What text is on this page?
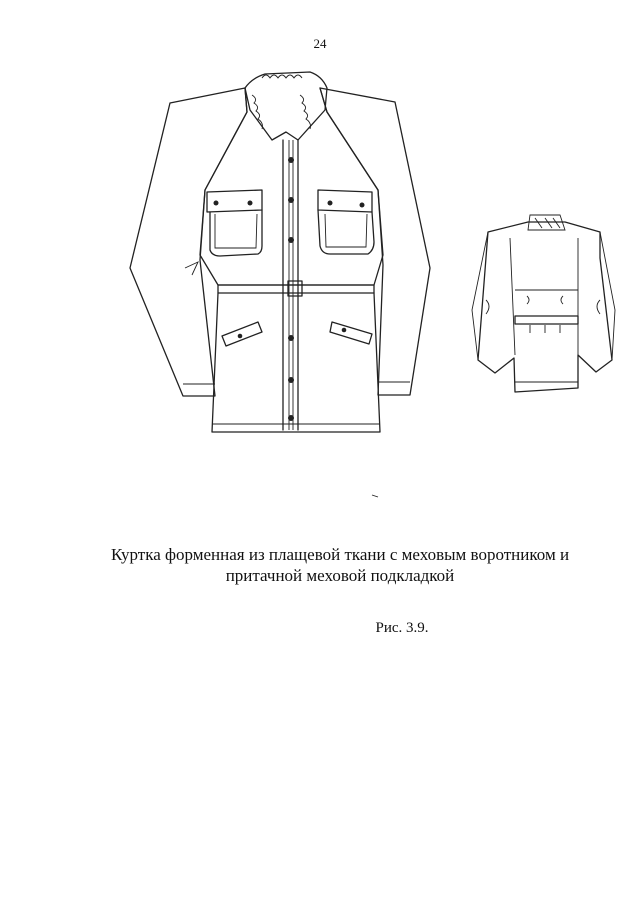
24
Куртка форменная из плащевой ткани с меховым воротником и
притачной меховой подкладкой
Рис. 3.9.
